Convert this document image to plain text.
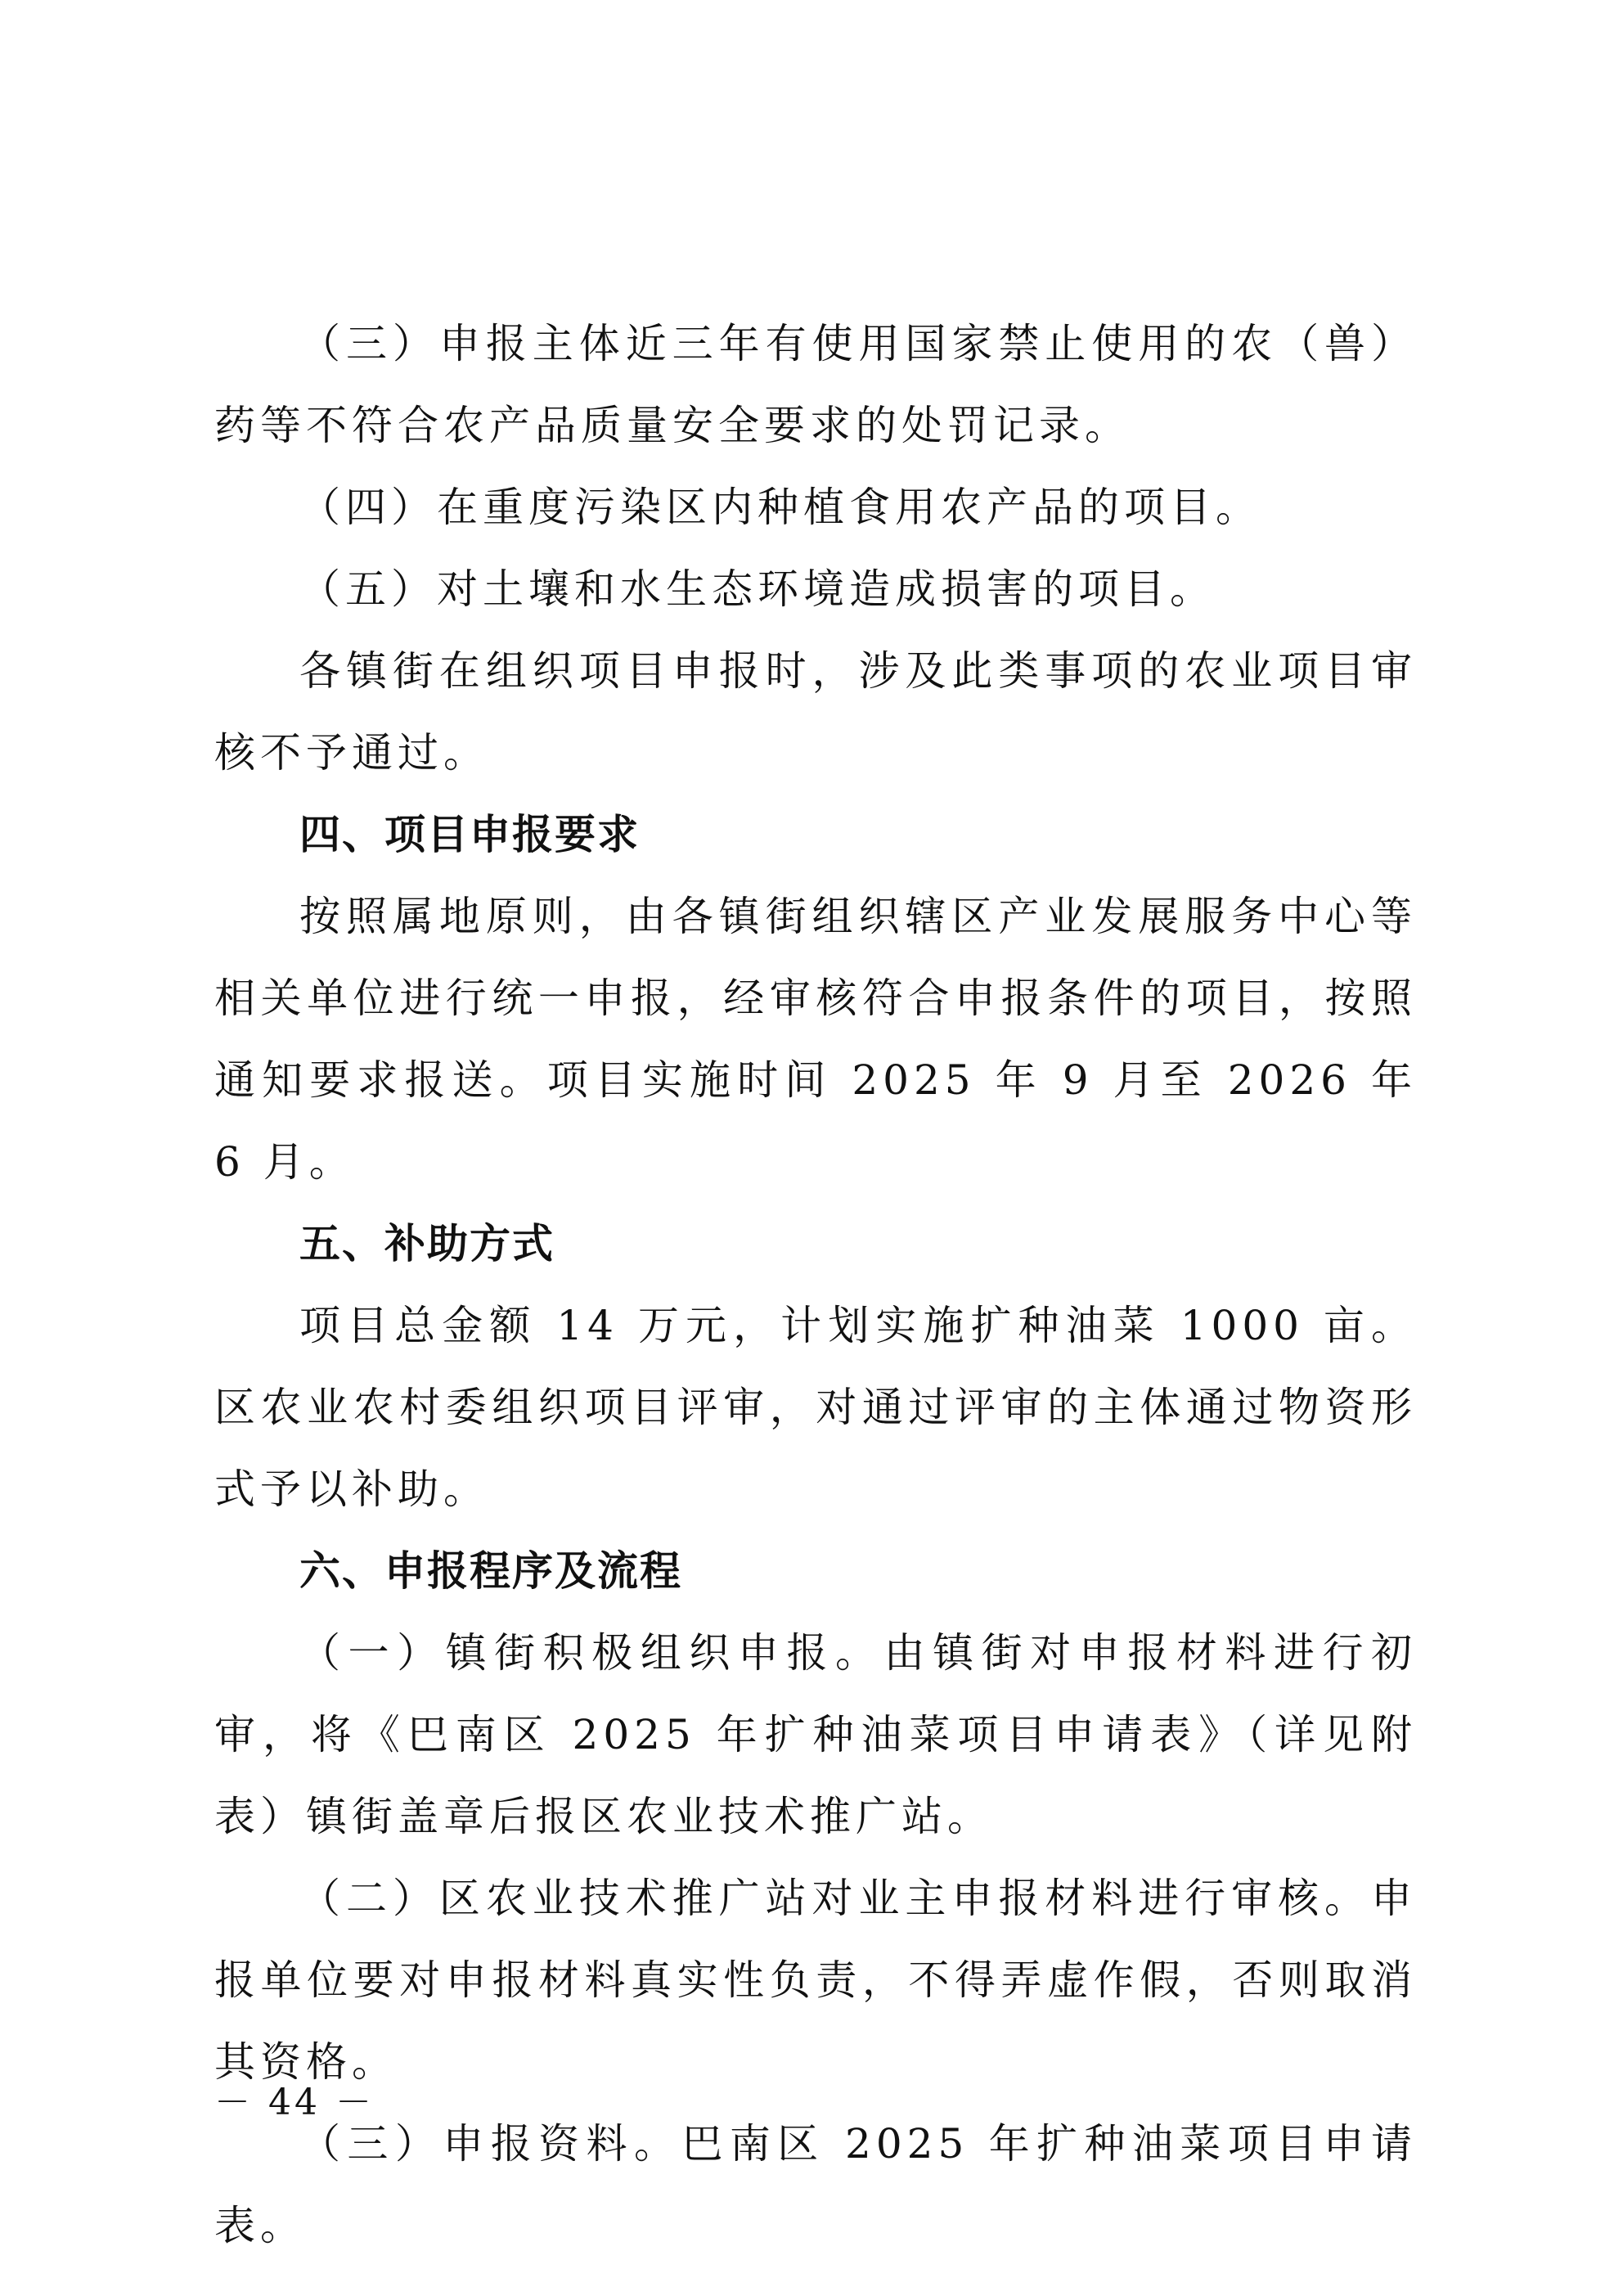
（三）申报主体近三年有使用国家禁止使用的农（兽）药等不符合农产品质量安全要求的处罚记录。

（四）在重度污染区内种植食用农产品的项目。

（五）对土壤和水生态环境造成损害的项目。

各镇街在组织项目申报时，涉及此类事项的农业项目审核不予通过。

四、项目申报要求

按照属地原则，由各镇街组织辖区产业发展服务中心等相关单位进行统一申报，经审核符合申报条件的项目，按照通知要求报送。项目实施时间 2025 年 9 月至 2026 年 6 月。

五、补助方式

项目总金额 14 万元，计划实施扩种油菜 1000 亩。区农业农村委组织项目评审，对通过评审的主体通过物资形式予以补助。

六、申报程序及流程

（一）镇街积极组织申报。由镇街对申报材料进行初审，将《巴南区 2025 年扩种油菜项目申请表》（详见附表）镇街盖章后报区农业技术推广站。

（二）区农业技术推广站对业主申报材料进行审核。申报单位要对申报材料真实性负责，不得弄虚作假，否则取消其资格。

（三）申报资料。巴南区 2025 年扩种油菜项目申请表。

－ 44 －
